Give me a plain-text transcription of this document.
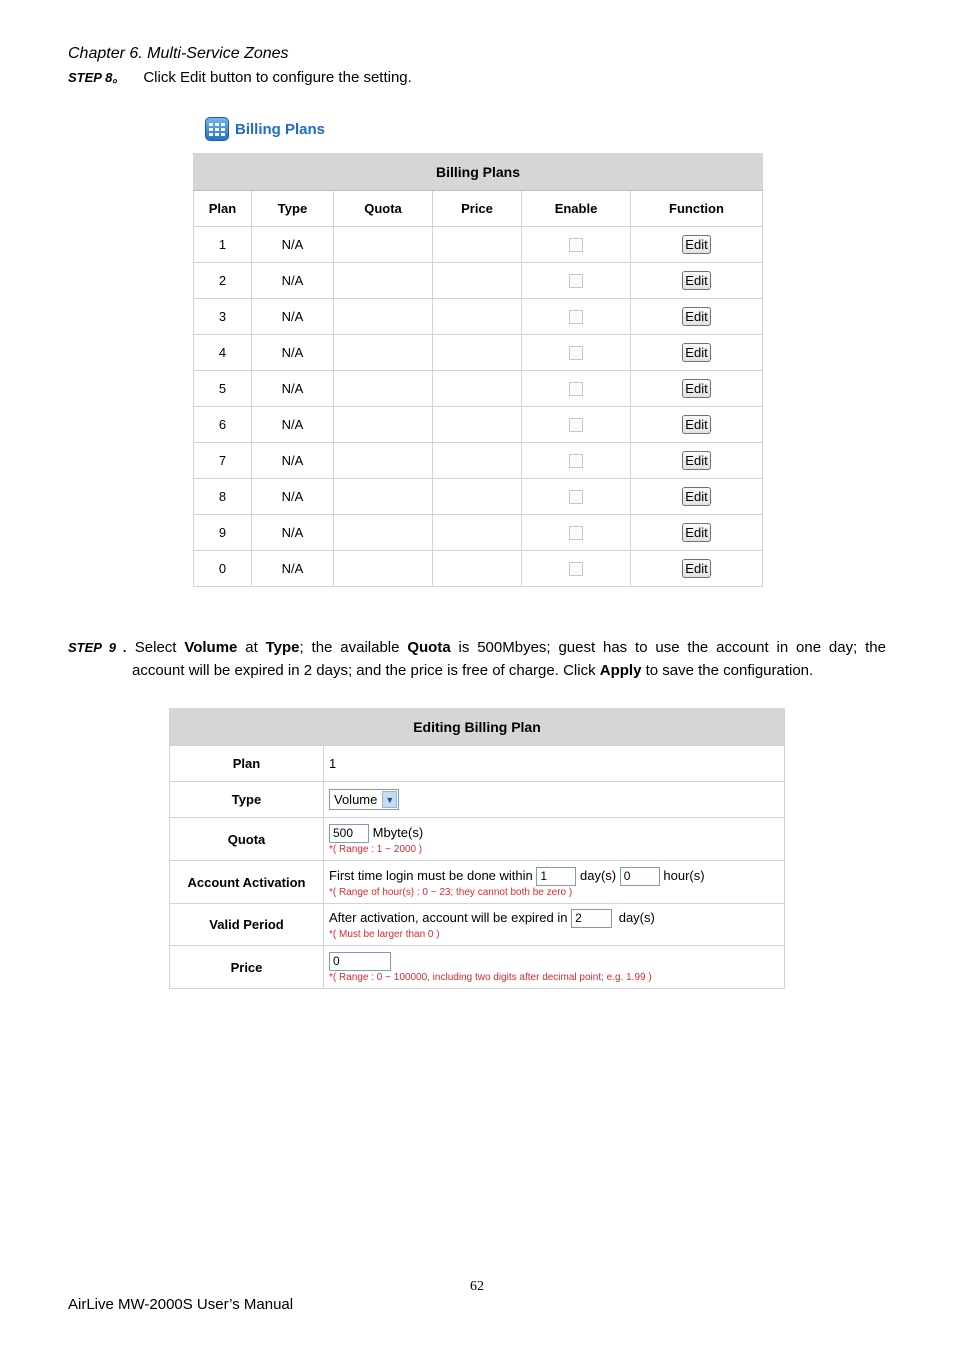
Chapter 6. Multi-Service Zones
STEP 8。 Click Edit button to configure the setting.
Billing Plans
Billing Plans					
Plan	Type	Quota	Price	Enable	Function
1	N/A				Edit
2	N/A				Edit
3	N/A				Edit
4	N/A				Edit
5	N/A				Edit
6	N/A				Edit
7	N/A				Edit
8	N/A				Edit
9	N/A				Edit
0	N/A				Edit
STEP 9 . Select Volume at Type; the available Quota is 500Mbyes; guest has to use the account in one day; the
account will be expired in 2 days; and the price is free of charge. Click Apply to save the configuration.
Editing Billing Plan	
Plan	1
Type	Volume ▼

Quota	500 Mbyte(s)
*( Range : 1 ~ 2000 )

Account Activation	First time login must be done within 1 day(s) 0 hour(s)
*( Range of hour(s) : 0 ~ 23; they cannot both be zero )

Valid Period	After activation, account will be expired in 2 day(s)
*( Must be larger than 0 )

Price	0
*( Range : 0 ~ 100000, including two digits after decimal point; e.g. 1.99 )
62
AirLive MW-2000S User’s Manual
